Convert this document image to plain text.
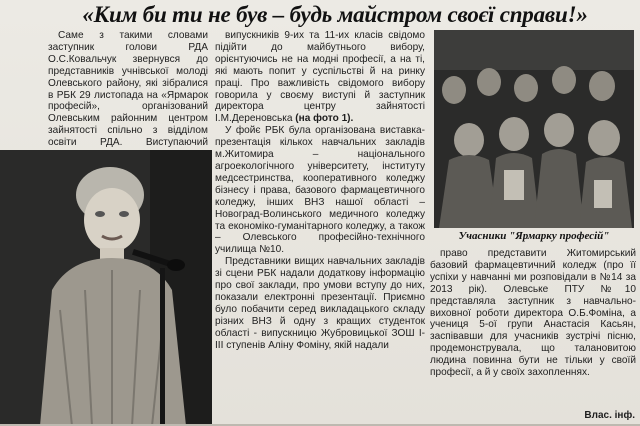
«Ким би ти не був – будь майстром своєї справи!»

Саме з такими словами заступник голови РДА О.С.Ковальчук звернувся до представників учнівської молоді Олевського району, які зібралися в РБК 29 листопада на «Ярмарок професій», організований Олевським районним центром зайнятості спільно з відділом освіти РДА. Виступаючий

випускників 9-их та 11-их класів свідомо підійти до майбутнього вибору, орієнтуючись не на модні професії, а на ті, які мають попит у суспільстві й на ринку праці. Про важливість свідомого вибору говорила у своєму виступі й заступник директора центру зайнятості І.М.Дереновська (на фото 1).

У фойє РБК була організована виставка-презентація кількох навчальних закладів м.Житомира – національного агроекологічного університету, інституту медсестринства, кооперативного коледжу бізнесу і права, базового фармацевтичного коледжу, інших ВНЗ нашої області – Новоград-Волинського медичного коледжу та економіко-гуманітарного коледжу, а також – Олевського професійно-технічного училища №10.

Представники вищих навчальних закладів зі сцени РБК надали додаткову інформацію про свої заклади, про умови вступу до них, показали електронні презентації. Приємно було побачити серед викладацького складу різних ВНЗ й одну з кращих студенток області - випускницю Жубровицької ЗОШ І-ІІІ ступенів Аліну Фоміну, якій надали

Учасники "Ярмарку професій"

право представити Житомирський базовий фармацевтичний коледж (про її успіхи у навчанні ми розповідали в №14 за 2013 рік). Олевське ПТУ №10 представляла заступник з навчально-виховної роботи директора О.Б.Фоміна, а учениця 5-ої групи Анастасія Касьян, заспівавши для учасників зустрічі пісню, продемонструвала, що талановитою людина повинна бути не тільки у своїй професії, а й у своїх захопленнях.

Влас. інф.
